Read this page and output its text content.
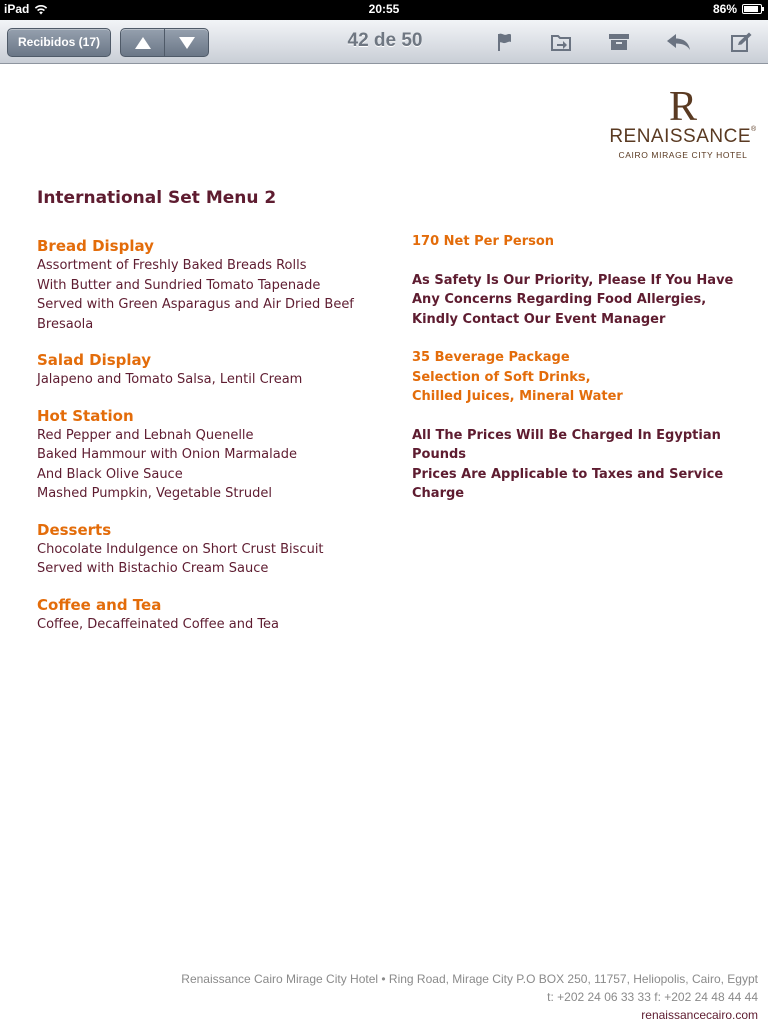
iPad	20:55	86%
Recibidos (17)	42 de 50
R
RENAISSANCE®
CAIRO MIRAGE CITY HOTEL
International Set Menu 2
Bread Display
Assortment of Freshly Baked Breads Rolls
With Butter and Sundried Tomato Tapenade
Served with Green Asparagus and Air Dried Beef
Bresaola
Salad Display
Jalapeno and Tomato Salsa, Lentil Cream
Hot Station
Red Pepper and Lebnah Quenelle
Baked Hammour with Onion Marmalade
And Black Olive Sauce
Mashed Pumpkin, Vegetable Strudel
Desserts
Chocolate Indulgence on Short Crust Biscuit
Served with Bistachio Cream Sauce
Coffee and Tea
Coffee, Decaffeinated Coffee and Tea
170 Net Per Person
As Safety Is Our Priority, Please If You Have
Any Concerns Regarding Food Allergies,
Kindly Contact Our Event Manager
35 Beverage Package
Selection of Soft Drinks,
Chilled Juices, Mineral Water
All The Prices Will Be Charged In Egyptian Pounds
Prices Are Applicable to Taxes and Service Charge
Renaissance Cairo Mirage City Hotel • Ring Road, Mirage City P.O BOX 250, 11757, Heliopolis, Cairo, Egypt
t: +202 24 06 33 33 f: +202 24 48 44 44
renaissancecairo.com
